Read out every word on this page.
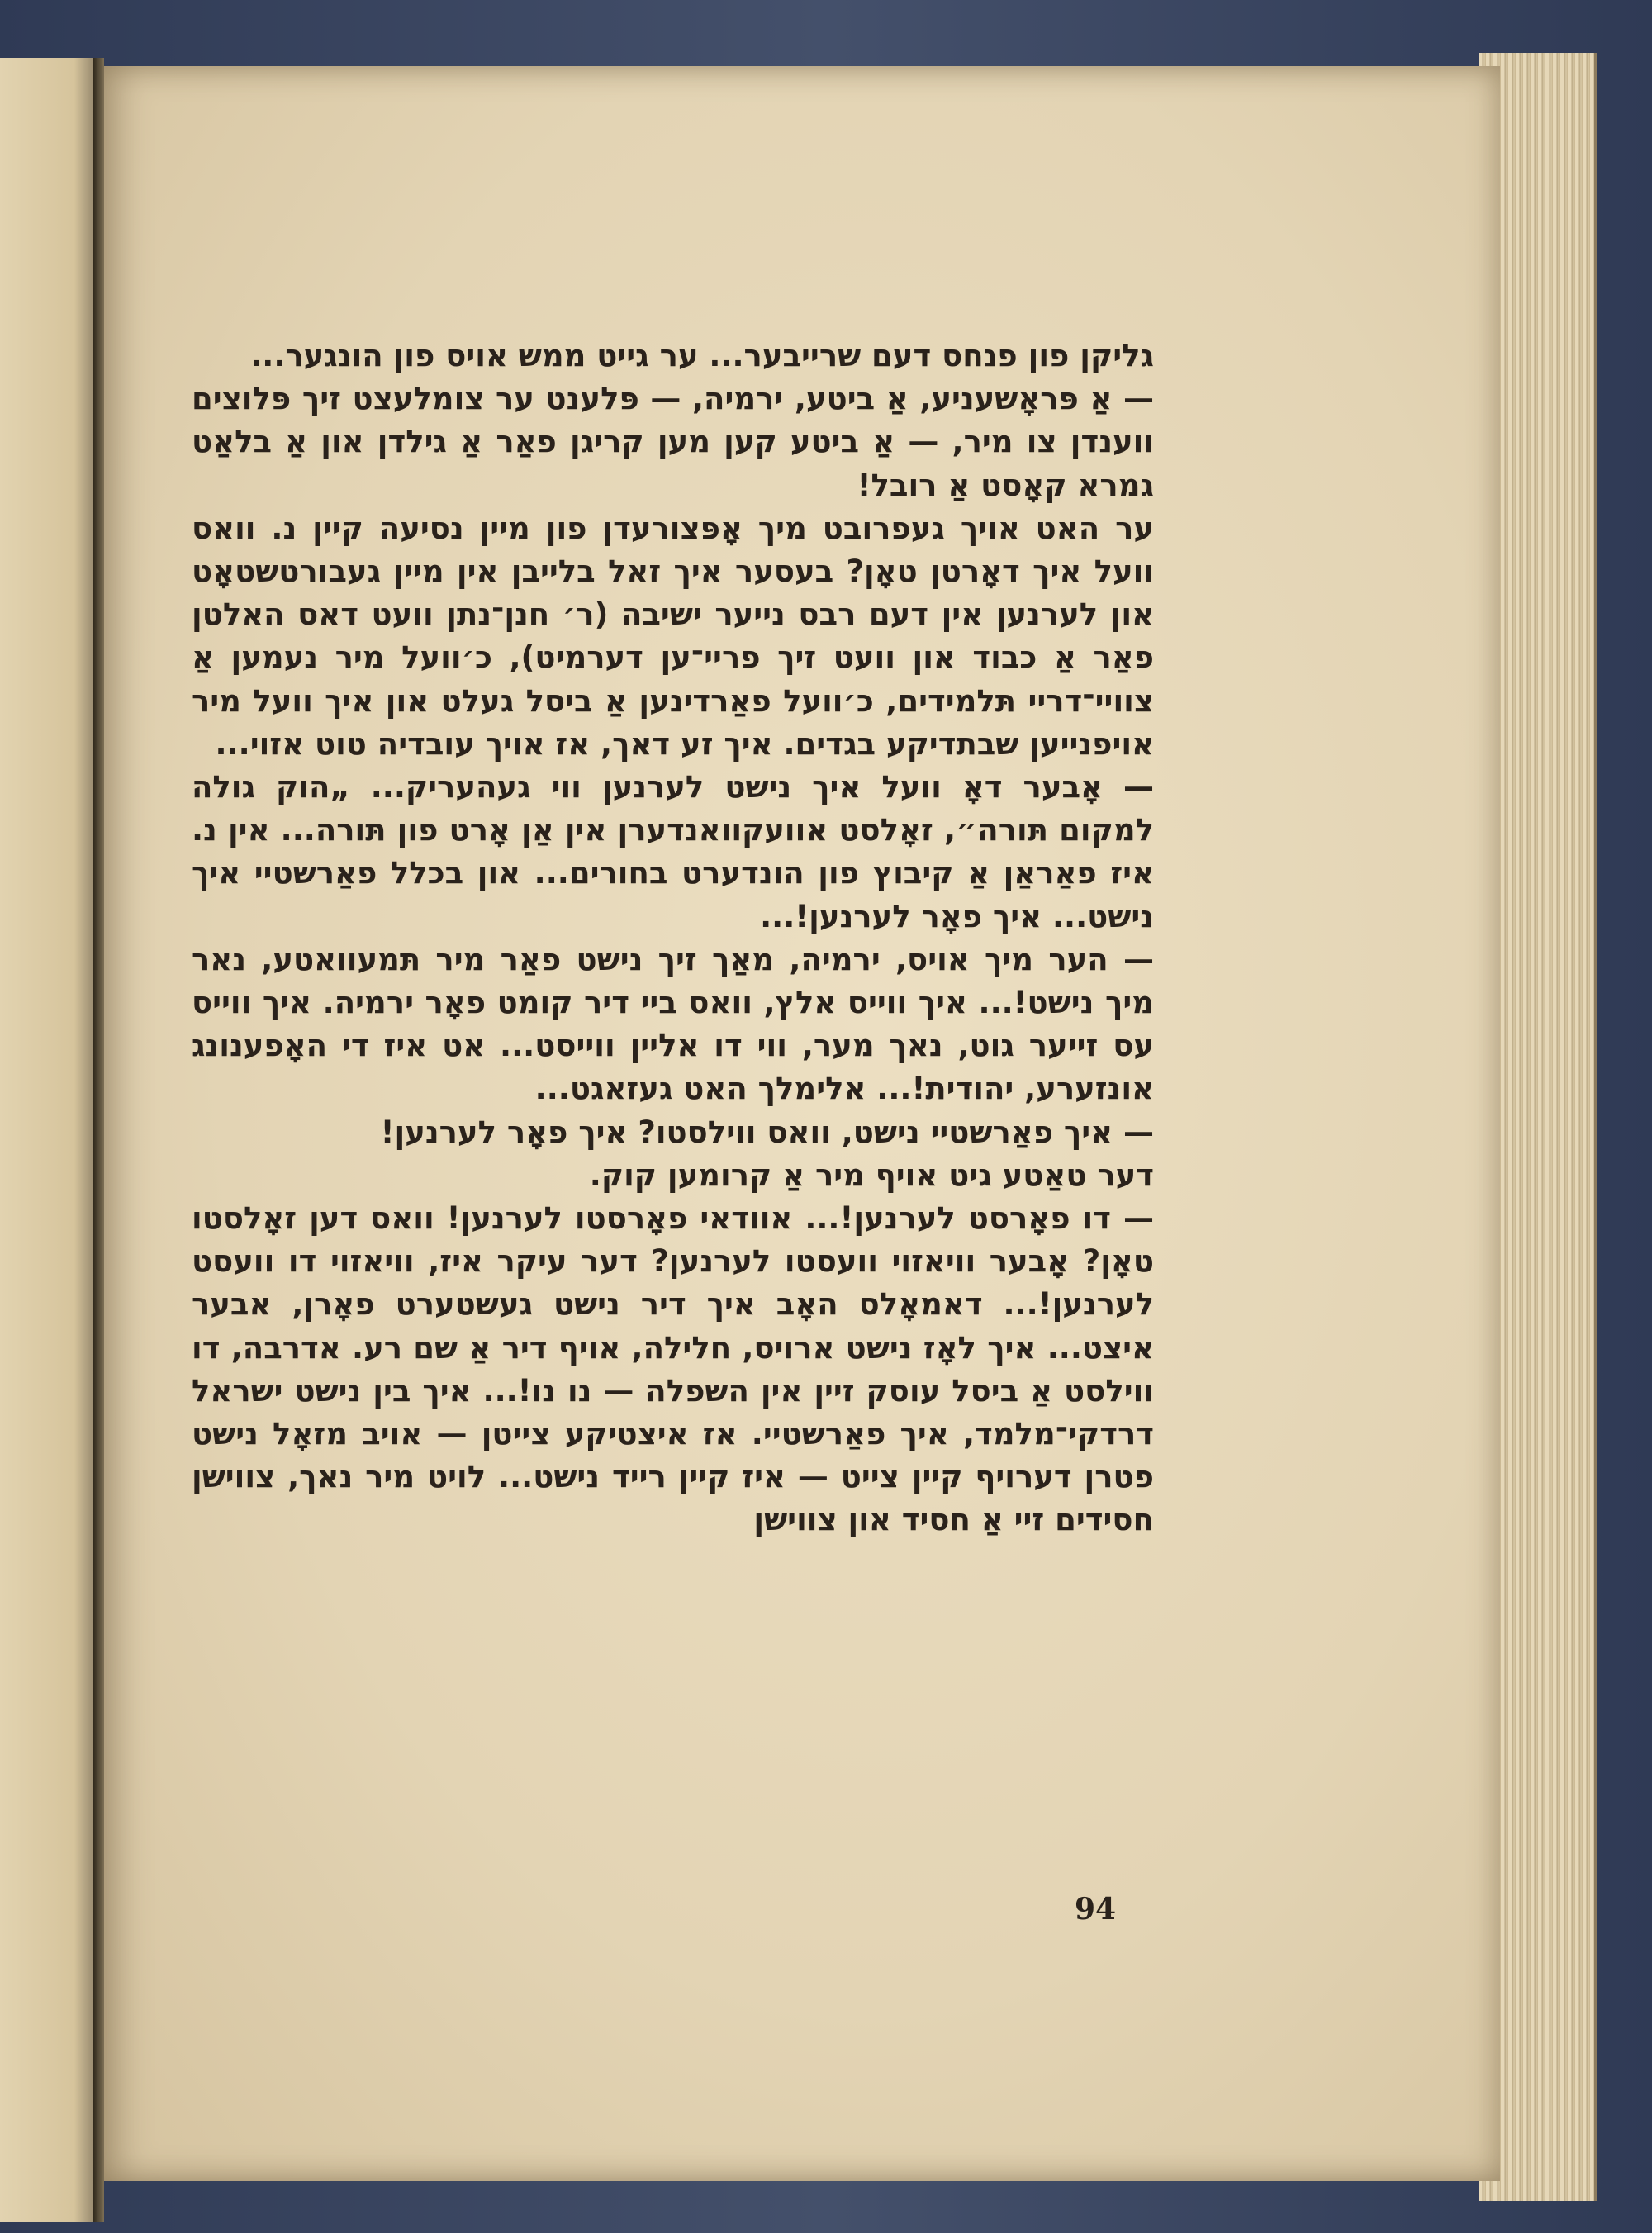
גליקן פון פנחס דעם שרייבער... ער גייט ממש אויס פון הונגער...

— אַ פּראָשעניע, אַ ביטע, ירמיה, — פּלענט ער צומלעצט זיך פּלוצים ווענדן צו מיר, — אַ ביטע קען מען קריגן פאַר אַ גילדן און אַ בלאַט גמרא קאָסט אַ רובל!

ער האט אויך געפרובט מיך אָפּצורעדן פון מיין נסיעה קיין נ. וואס וועל איך דאָרטן טאָן? בעסער איך זאל בלייבן אין מיין געבורטשטאָט און לערנען אין דעם רבס נייער ישיבה (ר׳ חנן־נתן וועט דאס האלטן פאַר אַ כבוד און וועט זיך פריי־ען דערמיט), כ׳וועל מיר נעמען אַ צוויי־דריי תּלמידים, כ׳וועל פאַרדינען אַ ביסל געלט און איך וועל מיר אויפנייען שבתדיקע בגדים. איך זע דאך, אז אויך עובדיה טוט אזוי...

— אָבער דאָ וועל איך נישט לערנען ווי געהעריק... „הוק גולה למקום תּורה״, זאָלסט אוועקוואנדערן אין אַן אָרט פון תּורה... אין נ. איז פאַראַן אַ קיבוץ פון הונדערט בחורים... און בכלל פאַרשטיי איך נישט... איך פאָר לערנען!...

— הער מיך אויס, ירמיה, מאַך זיך נישט פאַר מיר תּמעוואטע, נאר מיך נישט!... איך ווייס אלץ, וואס ביי דיר קומט פאָר ירמיה. איך ווייס עס זייער גוט, נאך מער, ווי דו אליין ווייסט... אט איז די האָפענונג אונזערע, יהודית!... אלימלך האט געזאגט...

— איך פאַרשטיי נישט, וואס ווילסטו? איך פאָר לערנען!

דער טאַטע גיט אויף מיר אַ קרומען קוק.

— דו פאָרסט לערנען!... אוודאי פאָרסטו לערנען! וואס דען זאָלסטו טאָן? אָבער וויאזוי וועסטו לערנען? דער עיקר איז, וויאזוי דו וועסט לערנען!... דאמאָלס האָב איך דיר נישט געשטערט פאָרן, אבער איצט... איך לאָז נישט ארויס, חלילה, אויף דיר אַ שם רע. אדרבה, דו ווילסט אַ ביסל עוסק זיין אין השפלה — נו נו!... איך בין נישט ישראל דרדקי־מלמד, איך פאַרשטיי. אז איצטיקע צייטן — אויב מזאָל נישט פטרן דערויף קיין צייט — איז קיין רייד נישט... לויט מיר נאך, צווישן חסידים זיי אַ חסיד און צווישן

94
